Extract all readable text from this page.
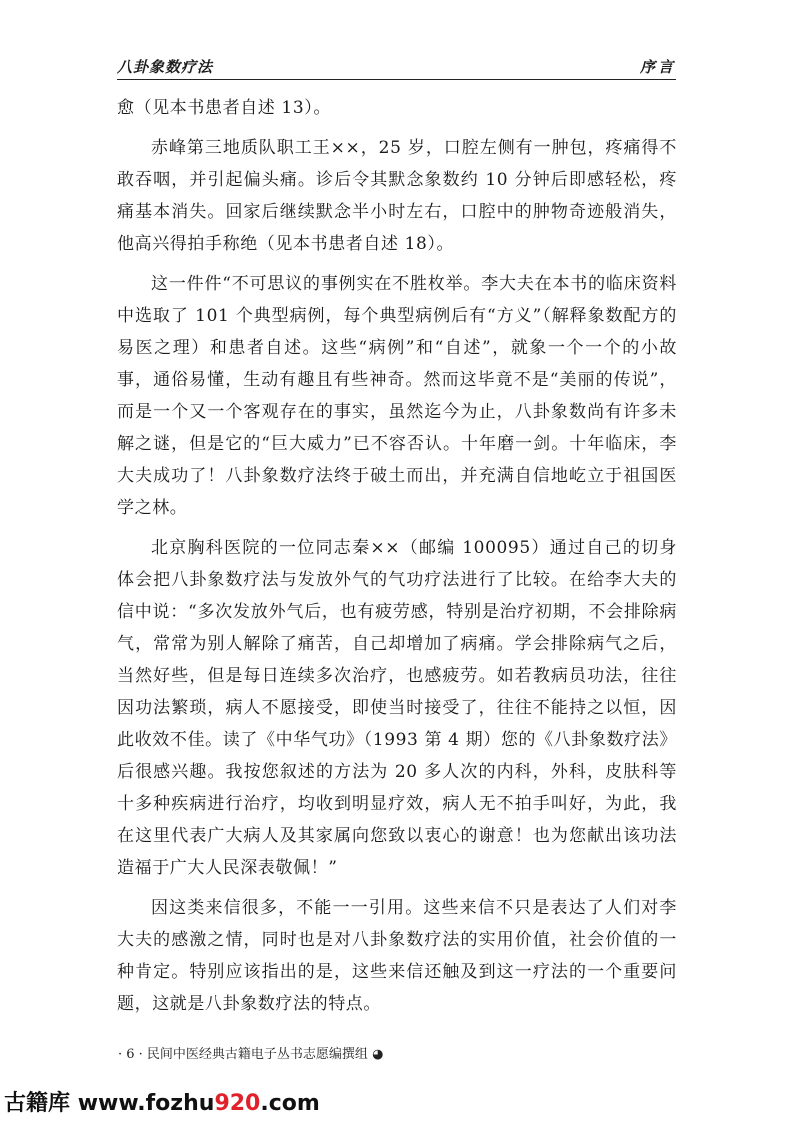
八卦象数疗法	序言

愈（见本书患者自述 13）。

赤峰第三地质队职工王××，25 岁，口腔左侧有一肿包，疼痛得不敢吞咽，并引起偏头痛。诊后令其默念象数约 10 分钟后即感轻松，疼痛基本消失。回家后继续默念半小时左右，口腔中的肿物奇迹般消失，他高兴得拍手称绝（见本书患者自述 18）。

这一件件“不可思议的事例实在不胜枚举。李大夫在本书的临床资料中选取了 101 个典型病例，每个典型病例后有“方义”（解释象数配方的易医之理）和患者自述。这些“病例”和“自述”，就象一个一个的小故事，通俗易懂，生动有趣且有些神奇。然而这毕竟不是“美丽的传说”，而是一个又一个客观存在的事实，虽然迄今为止，八卦象数尚有许多未解之谜，但是它的“巨大威力”已不容否认。十年磨一剑。十年临床，李大夫成功了！八卦象数疗法终于破土而出，并充满自信地屹立于祖国医学之林。

北京胸科医院的一位同志秦××（邮编 100095）通过自己的切身体会把八卦象数疗法与发放外气的气功疗法进行了比较。在给李大夫的信中说：“多次发放外气后，也有疲劳感，特别是治疗初期，不会排除病气，常常为别人解除了痛苦，自己却增加了病痛。学会排除病气之后，当然好些，但是每日连续多次治疗，也感疲劳。如若教病员功法，往往因功法繁琐，病人不愿接受，即使当时接受了，往往不能持之以恒，因此收效不佳。读了《中华气功》（1993 第 4 期）您的《八卦象数疗法》后很感兴趣。我按您叙述的方法为 20 多人次的内科，外科，皮肤科等十多种疾病进行治疗，均收到明显疗效，病人无不拍手叫好，为此，我在这里代表广大病人及其家属向您致以衷心的谢意！也为您献出该功法造福于广大人民深表敬佩！”

因这类来信很多，不能一一引用。这些来信不只是表达了人们对李大夫的感激之情，同时也是对八卦象数疗法的实用价值，社会价值的一种肯定。特别应该指出的是，这些来信还触及到这一疗法的一个重要问题，这就是八卦象数疗法的特点。

· 6 · 民间中医经典古籍电子丛书志愿编撰组 ◕
古籍库 www.fozhu920.com
